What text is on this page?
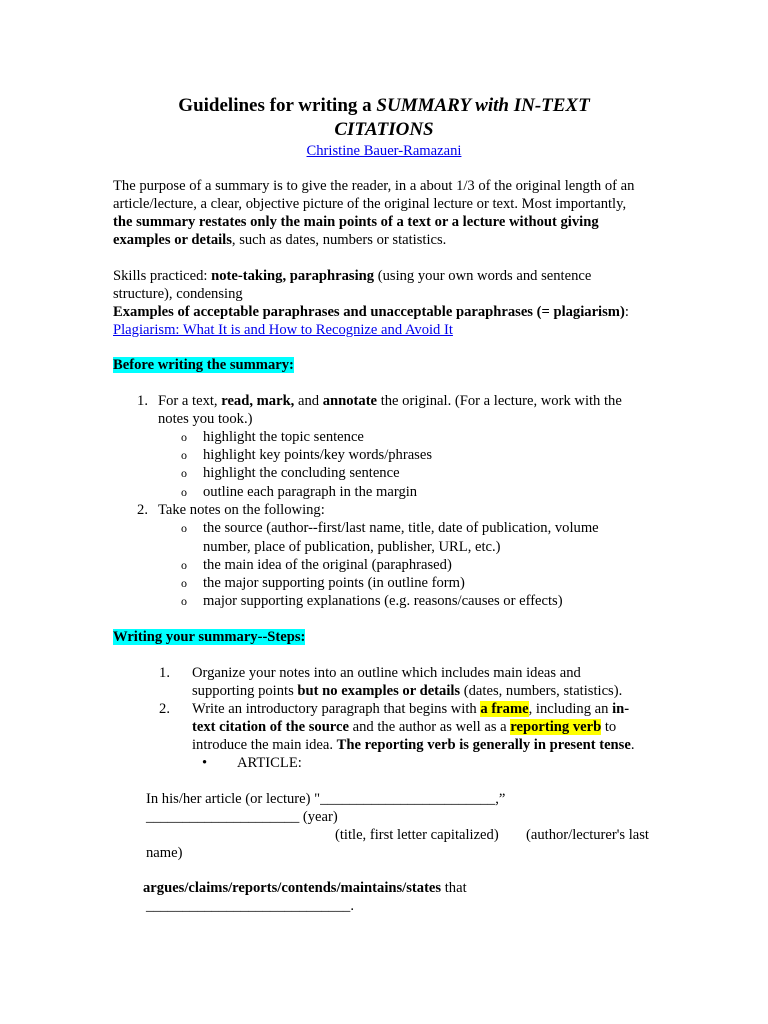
Guidelines for writing a SUMMARY with IN-TEXT
CITATIONS
Christine Bauer-Ramazani
The purpose of a summary is to give the reader, in a about 1/3 of the original length of an
article/lecture, a clear, objective picture of the original lecture or text. Most importantly,
the summary restates only the main points of a text or a lecture without giving
examples or details, such as dates, numbers or statistics.
Skills practiced: note-taking, paraphrasing (using your own words and sentence
structure), condensing
Examples of acceptable paraphrases and unacceptable paraphrases (= plagiarism):
Plagiarism: What It is and How to Recognize and Avoid It
Before writing the summary:
1. For a text, read, mark, and annotate the original. (For a lecture, work with the
notes you took.)
o highlight the topic sentence
o highlight key points/key words/phrases
o highlight the concluding sentence
o outline each paragraph in the margin
2. Take notes on the following:
o the source (author--first/last name, title, date of publication, volume
number, place of publication, publisher, URL, etc.)
o the main idea of the original (paraphrased)
o the major supporting points (in outline form)
o major supporting explanations (e.g. reasons/causes or effects)
Writing your summary--Steps:
1. Organize your notes into an outline which includes main ideas and
supporting points but no examples or details (dates, numbers, statistics).
2. Write an introductory paragraph that begins with a frame, including an in-
text citation of the source and the author as well as a reporting verb to
introduce the main idea. The reporting verb is generally in present tense.
• ARTICLE:
In his/her article (or lecture) "________________________,”
_____________________ (year)
(title, first letter capitalized) (author/lecturer's last
name)
argues/claims/reports/contends/maintains/states that
____________________________.
